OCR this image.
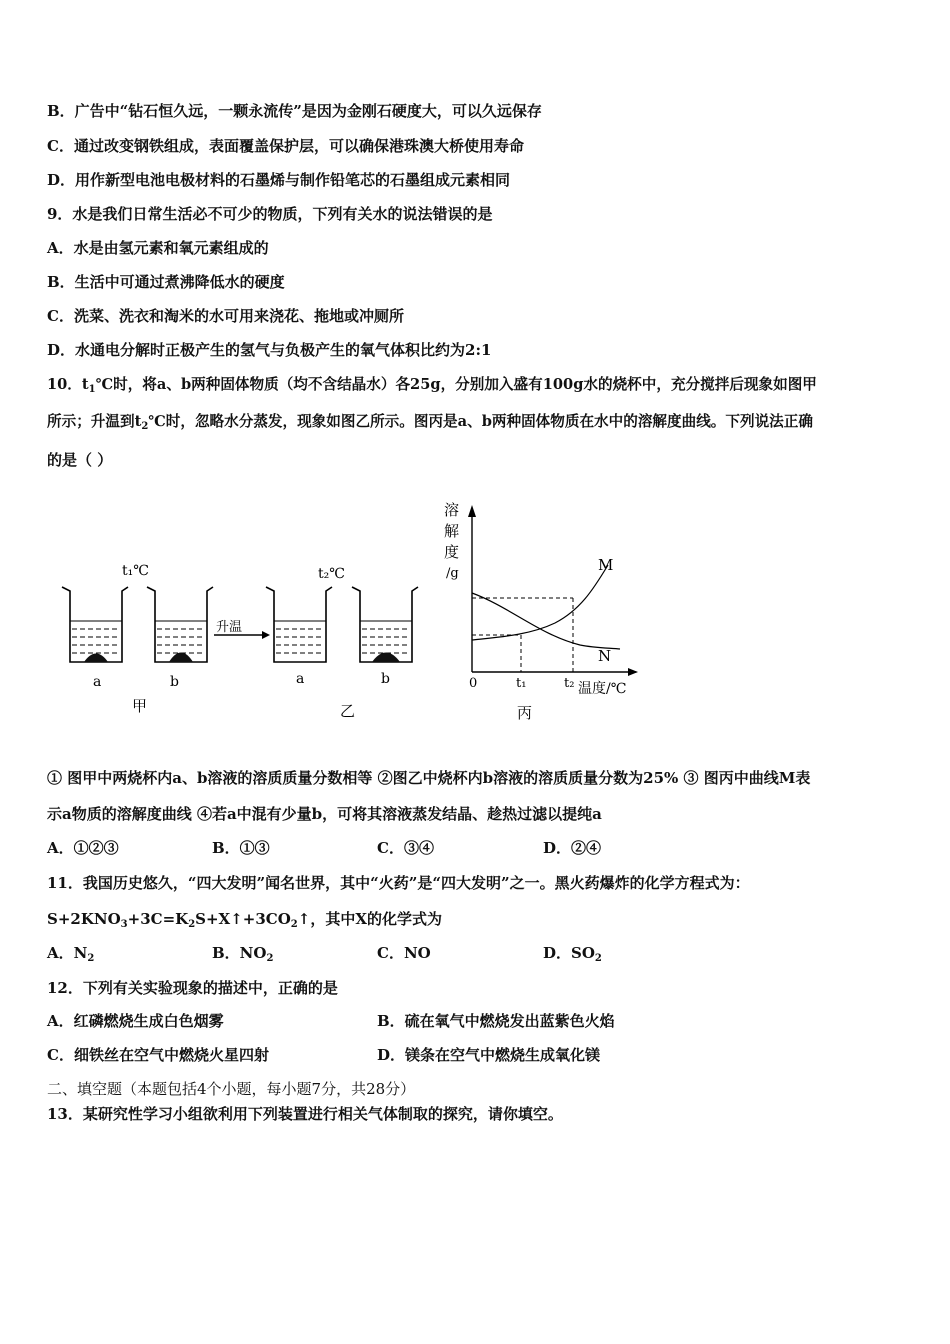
B．广告中“钻石恒久远，一颗永流传”是因为金刚石硬度大，可以久远保存
C．通过改变钢铁组成，表面覆盖保护层，可以确保港珠澳大桥使用寿命
D．用作新型电池电极材料的石墨烯与制作铅笔芯的石墨组成元素相同
9．水是我们日常生活必不可少的物质，下列有关水的说法错误的是
A．水是由氢元素和氧元素组成的
B．生活中可通过煮沸降低水的硬度
C．洗菜、洗衣和淘米的水可用来浇花、拖地或冲厕所
D．水通电分解时正极产生的氢气与负极产生的氧气体积比约为2:1
10．$t_1℃$时，将a、b两种固体物质（均不含结晶水）各25g，分别加入盛有100g水的烧杯中，充分搅拌后现象如图甲
所示；升温到$t_2℃$时，忽略水分蒸发，现象如图乙所示。图丙是a、b两种固体物质在水中的溶解度曲线。下列说法正确
的是（ ）
升温
t₁℃	t₂℃
a	b	a	b
甲	乙	丙
溶
解
度
/g	M
N
0	t₁	t₂ 温度/℃
① 图甲中两烧杯内a、b溶液的溶质质量分数相等 ②图乙中烧杯内b溶液的溶质质量分数为25% ③ 图丙中曲线M表
示a物质的溶解度曲线 ④若a中混有少量b，可将其溶液蒸发结晶、趁热过滤以提纯a
A．①②③	B．①③	C．③④	D．②④
11．我国历史悠久，“四大发明”闻名世界，其中“火药”是“四大发明”之一。黑火药爆炸的化学方程式为：
$S+2KNO_3+3C=K_2S+X↑+3CO_2↑$，其中X的化学式为
A．$N_2$	B．$NO_2$	C．NO	D．$SO_2$
12．下列有关实验现象的描述中，正确的是
A．红磷燃烧生成白色烟雾	B．硫在氧气中燃烧发出蓝紫色火焰
C．细铁丝在空气中燃烧火星四射	D．镁条在空气中燃烧生成氧化镁
二、填空题（本题包括4个小题，每小题7分，共28分）
13．某研究性学习小组欲利用下列装置进行相关气体制取的探究，请你填空。
